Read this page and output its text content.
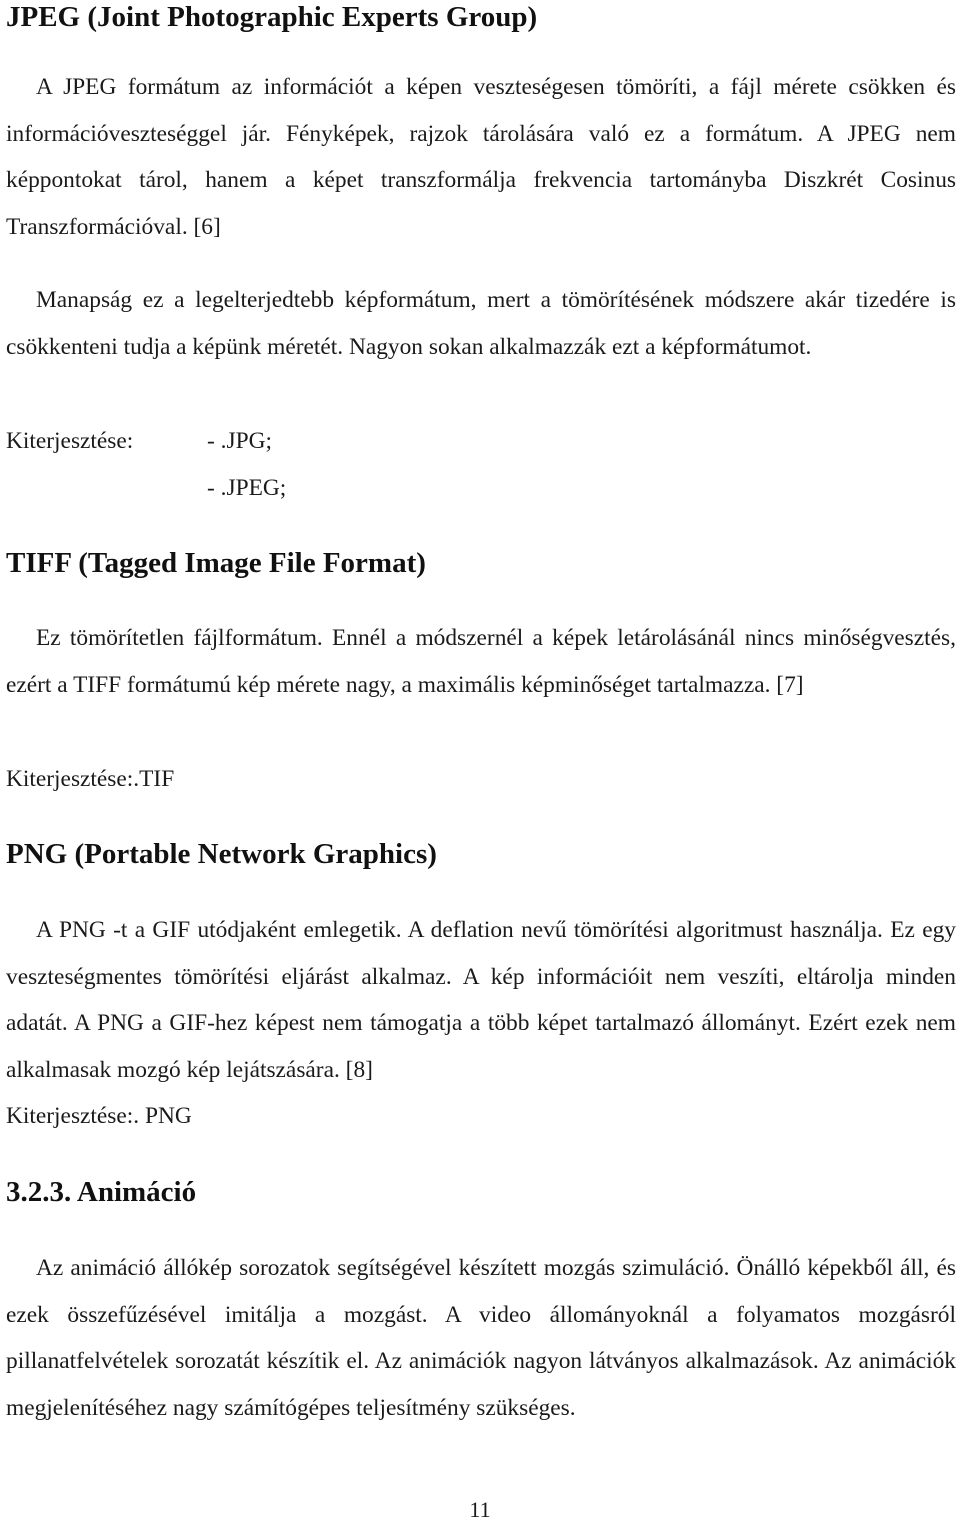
JPEG (Joint Photographic Experts Group)

A JPEG formátum az információt a képen veszteségesen tömöríti, a fájl mérete csökken és információveszteséggel jár. Fényképek, rajzok tárolására való ez a formátum. A JPEG nem képpontokat tárol, hanem a képet transzformálja frekvencia tartományba Diszkrét Cosinus Transzformációval. [6]

Manapság ez a legelterjedtebb képformátum, mert a tömörítésének módszere akár tizedére is csökkenteni tudja a képünk méretét. Nagyon sokan alkalmazzák ezt a képformátumot.

Kiterjesztése:	- .JPG;

- .JPEG;

TIFF (Tagged Image File Format)

Ez tömörítetlen fájlformátum. Ennél a módszernél a képek letárolásánál nincs minőségvesztés, ezért a TIFF formátumú kép mérete nagy, a maximális képminőséget tartalmazza. [7]

Kiterjesztése:.TIF

PNG (Portable Network Graphics)

A PNG -t a GIF utódjaként emlegetik. A deflation nevű tömörítési algoritmust használja. Ez egy veszteségmentes tömörítési eljárást alkalmaz. A kép információit nem veszíti, eltárolja minden adatát. A PNG a GIF-hez képest nem támogatja a több képet tartalmazó állományt. Ezért ezek nem alkalmasak mozgó kép lejátszására. [8]

Kiterjesztése:. PNG

3.2.3. Animáció

Az animáció állókép sorozatok segítségével készített mozgás szimuláció. Önálló képekből áll, és ezek összefűzésével imitálja a mozgást. A video állományoknál a folyamatos mozgásról pillanatfelvételek sorozatát készítik el. Az animációk nagyon látványos alkalmazások. Az animációk megjelenítéséhez nagy számítógépes teljesítmény szükséges.

11
